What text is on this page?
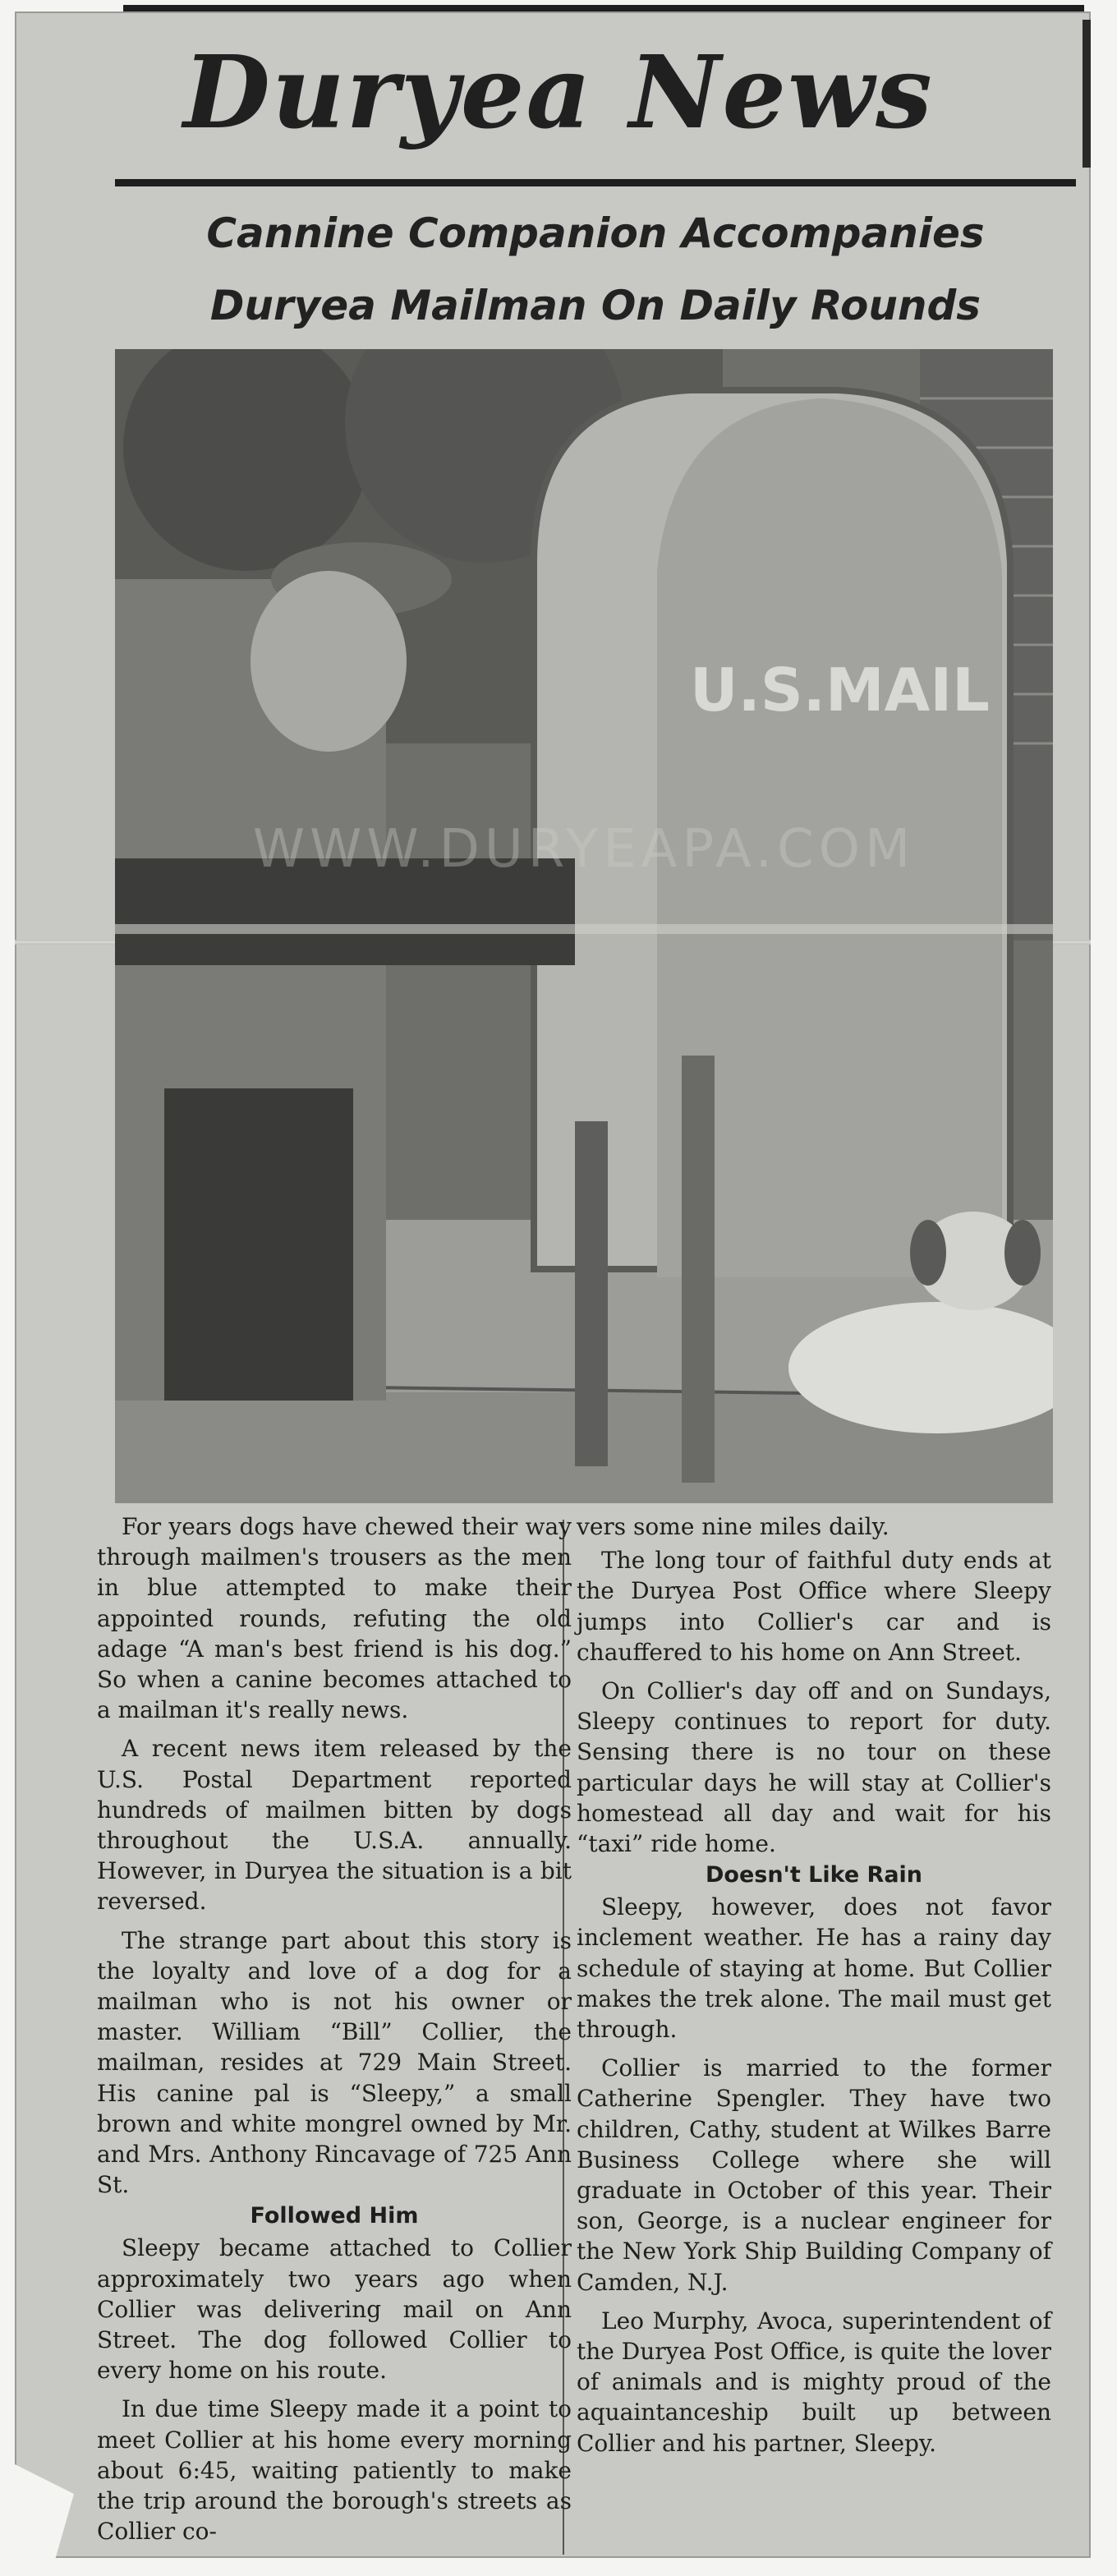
Duryea News
Cannine Companion Accompanies
Duryea Mailman On Daily Rounds
U.S.MAIL
WWW.DURYEAPA.COM

For years dogs have chewed their way through mailmen's trousers as the men in blue attempted to make their appointed rounds, refuting the old adage “A man's best friend is his dog.” So when a canine becomes attached to a mailman it's really news.

A recent news item released by the U.S. Postal Department reported hundreds of mailmen bitten by dogs throughout the U.S.A. annually. However, in Duryea the situation is a bit reversed.

The strange part about this story is the loyalty and love of a dog for a mailman who is not his owner or master. William “Bill” Collier, the mailman, resides at 729 Main Street. His canine pal is “Sleepy,” a small brown and white mongrel owned by Mr. and Mrs. Anthony Rincavage of 725 Ann St.

Followed Him

Sleepy became attached to Collier approximately two years ago when Collier was delivering mail on Ann Street. The dog followed Collier to every home on his route.

In due time Sleepy made it a point to meet Collier at his home every morning about 6:45, waiting patiently to make the trip around the borough's streets as Collier co-

vers some nine miles daily.

The long tour of faithful duty ends at the Duryea Post Office where Sleepy jumps into Collier's car and is chauffered to his home on Ann Street.

On Collier's day off and on Sundays, Sleepy continues to report for duty. Sensing there is no tour on these particular days he will stay at Collier's homestead all day and wait for his “taxi” ride home.

Doesn't Like Rain

Sleepy, however, does not favor inclement weather. He has a rainy day schedule of staying at home. But Collier makes the trek alone. The mail must get through.

Collier is married to the former Catherine Spengler. They have two children, Cathy, student at Wilkes Barre Business College where she will graduate in October of this year. Their son, George, is a nuclear engineer for the New York Ship Building Company of Camden, N.J.

Leo Murphy, Avoca, superintendent of the Duryea Post Office, is quite the lover of animals and is mighty proud of the aquaintanceship built up between Collier and his partner, Sleepy.
